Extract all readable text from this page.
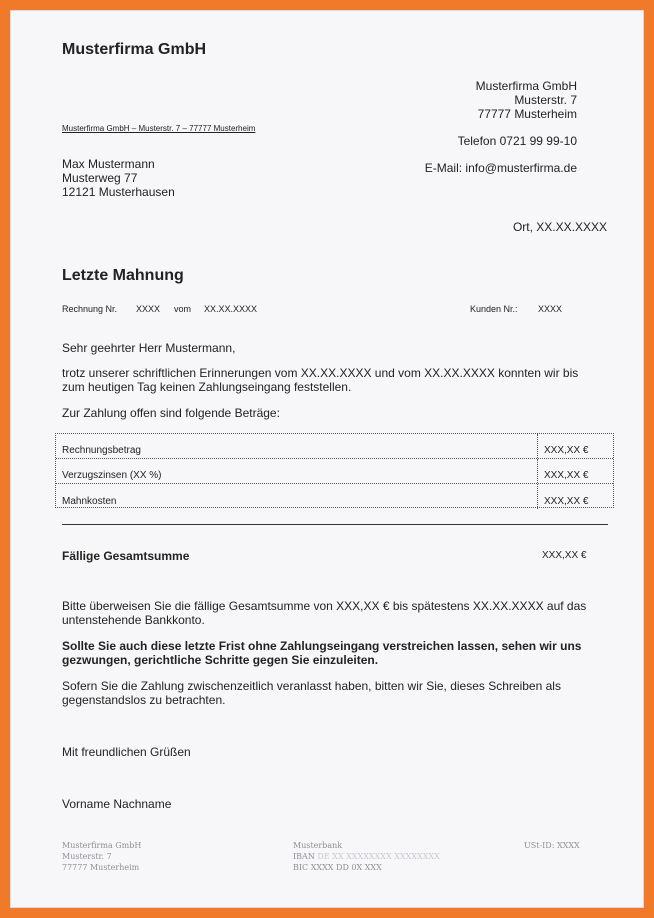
Musterfirma GmbH
Musterfirma GmbH
Musterstr. 7
77777 Musterheim
Musterfirma GmbH – Musterstr. 7 – 77777 Musterheim
Telefon 0721 99 99-10
E-Mail: info@musterfirma.de
Max Mustermann
Musterweg 77
12121 Musterhausen
Ort, XX.XX.XXXX
Letzte Mahnung
Rechnung Nr. XXXX vom XX.XX.XXXX	Kunden Nr.: XXXX
Sehr geehrter Herr Mustermann,
trotz unserer schriftlichen Erinnerungen vom XX.XX.XXXX und vom XX.XX.XXXX konnten wir bis zum heutigen Tag keinen Zahlungseingang feststellen.
Zur Zahlung offen sind folgende Beträge:
Rechnungsbetrag	XXX,XX €
Verzugszinsen (XX %)	XXX,XX €
Mahnkosten	XXX,XX €
Fällige Gesamtsumme	XXX,XX €
Bitte überweisen Sie die fällige Gesamtsumme von XXX,XX € bis spätestens XX.XX.XXXX auf das untenstehende Bankkonto.
Sollte Sie auch diese letzte Frist ohne Zahlungseingang verstreichen lassen, sehen wir uns gezwungen, gerichtliche Schritte gegen Sie einzuleiten.
Sofern Sie die Zahlung zwischenzeitlich veranlasst haben, bitten wir Sie, dieses Schreiben als gegenstandslos zu betrachten.
Mit freundlichen Grüßen
Vorname Nachname
Musterfirma GmbH
Musterstr. 7
77777 Musterheim
Musterbank
IBAN DE XX XXXXXXXX XXXXXXXX
BIC XXXX DD 0X XXX
USt-ID: XXXX
